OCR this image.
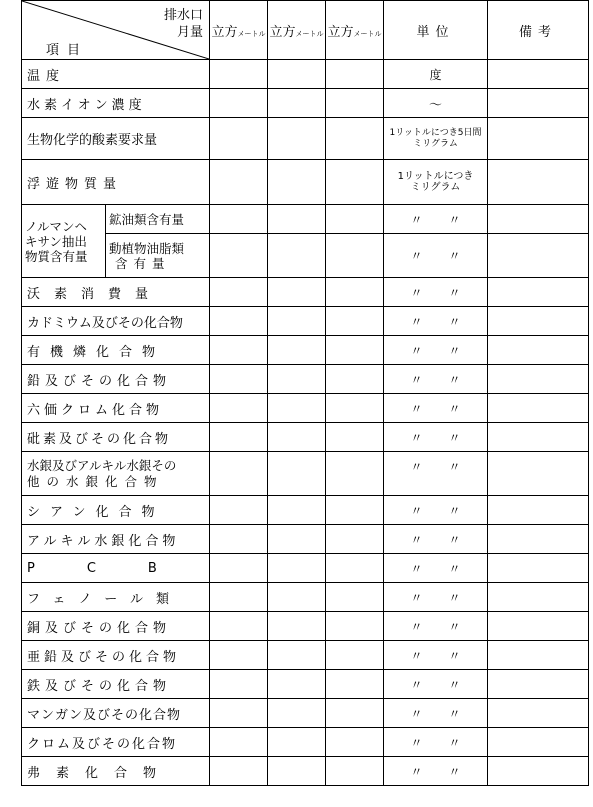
排水口
月量
項目		立方メートル	立方メートル	立方メートル	単位	備考
温度					度	
水素イオン濃度					～	
生物化学的酸素要求量					1リットルにつき5日間
ミリグラム	

浮遊物質量					1リットルにつき
ミリグラム	

ノルマンヘ
キサン抽出
物質含有量	鉱油類含有量				〃〃	

	動植物油脂類
含有量				〃〃	
沃素消費量					〃〃	
カドミウム及びその化合物					〃〃	
有機燐化合物					〃〃	
鉛及びその化合物					〃〃	
六価クロム化合物					〃〃	
砒素及びその化合物					〃〃	

水銀及びアルキル水銀その
他の水銀化合物					〃〃	
シアン化合物					〃〃	
アルキル水銀化合物					〃〃	
PCB					〃〃	
フェノール類					〃〃	
銅及びその化合物					〃〃	
亜鉛及びその化合物					〃〃	
鉄及びその化合物					〃〃	
マンガン及びその化合物					〃〃	
クロム及びその化合物					〃〃	
弗素化合物					〃〃	
